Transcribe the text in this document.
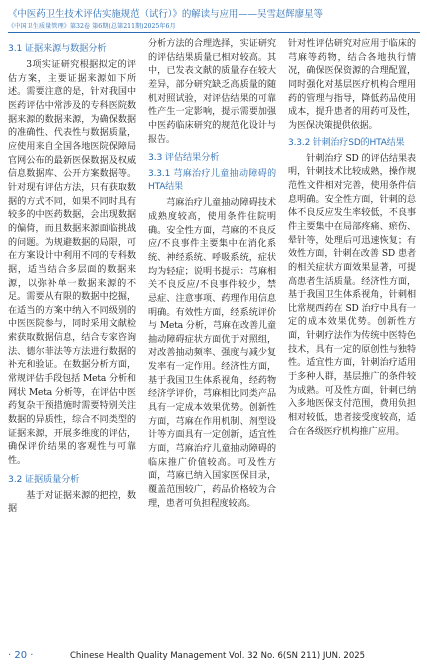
《中医药卫生技术评估实施规范（试行）》的解读与应用——吴雪赵辉廖星等
《中国卫生质量管理》第32卷 第6期(总第211期)2025年6月
3.1 证据来源与数据分析

3项实证研究根据拟定的评估方案，主要证据来源如下所述。需要注意的是，针对我国中医药评估中常涉及的专科医院数据来源的数据来源，为确保数据的准确性、代表性与数据质量，应使用来自全国各地医院保障局官网公布的最新医保数据及权威信息数据库、公开方案数据等。针对现有评估方法，只有获取数据的方式不同，如果不同时具有较多的中医药数据，会出现数据的偏倚，而且数据来源面临挑战的问题。为规避数据的局限，可在方案设计中利用不同的专科数据，适当结合多层面的数据来源，以弥补单一数据来源的不足。需要从有限的数据中挖掘，在适当的方案中纳入不同级别的中医医院参与，同时采用文献检索获取数据信息，结合专家咨询法、德尔菲法等方法进行数据的补充和验证。在数据分析方面，常规评估手段包括 Meta 分析和网状 Meta 分析等，在评估中医药复杂干预措施时需要特别关注数据的异质性，综合不同类型的证据来源，开展多维度的评估，确保评价结果的客观性与可靠性。

3.2 证据质量分析

基于对证据来源的把控，数据

分析方法的合理选择，实证研究的评估结果质量已相对较高。其中，已发表文献的质量存在较大差异，部分研究缺乏高质量的随机对照试验，对评估结果的可靠性产生一定影响，提示需要加强中医药临床研究的规范化设计与报告。

3.3 评估结果分析
3.3.1 芎麻治疗儿童抽动障碍的HTA结果

芎麻治疗儿童抽动障碍技术成熟度较高，使用条件住院明确。安全性方面，芎麻的不良反应/不良事件主要集中在消化系统、神经系统、呼吸系统，症状均为轻症；说明书提示：芎麻相关不良反应/不良事件较少，禁忌症、注意事项、药理作用信息明确。有效性方面，经系统评价与 Meta 分析，芎麻在改善儿童抽动障碍症状方面优于对照组，对改善抽动频率、强度与减少复发率有一定作用。经济性方面，基于我国卫生体系视角，经药物经济学评价，芎麻相比同类产品具有一定成本效果优势。创新性方面，芎麻在作用机制、剂型设计等方面具有一定创新，适宜性方面，芎麻治疗儿童抽动障碍的临床推广价值较高。可及性方面，芎麻已纳入国家医保目录，覆盖范围较广，药品价格较为合理，患者可负担程度较高。

针对性评估研究对应用于临床的芎麻等药物，结合各地执行情况，确保医保资源的合理配置，同时强化对基层医疗机构合理用药的管理与指导，降低药品使用成本，提升患者的用药可及性，为医保决策提供依据。

3.3.2 针刺治疗SD的HTA结果

针刺治疗 SD 的评估结果表明，针刺技术比较成熟，操作规范性文件相对完善，使用条件信息明确。安全性方面，针刺的总体不良反应发生率较低，不良事件主要集中在局部疼痛、瘀伤、晕针等，处理后可迅速恢复；有效性方面，针刺在改善 SD 患者的相关症状方面效果显著，可提高患者生活质量。经济性方面，基于我国卫生体系视角，针刺相比常规西药在 SD 治疗中具有一定的成本效果优势。创新性方面，针刺疗法作为传统中医特色技术，具有一定的原创性与独特性。适宜性方面，针刺治疗适用于多种人群，基层推广的条件较为成熟。可及性方面，针刺已纳入多地医保支付范围，费用负担相对较低，患者接受度较高，适合在各级医疗机构推广应用。

· 20 ·	Chinese Health Quality Management Vol. 32 No. 6(SN 211) JUN. 2025
